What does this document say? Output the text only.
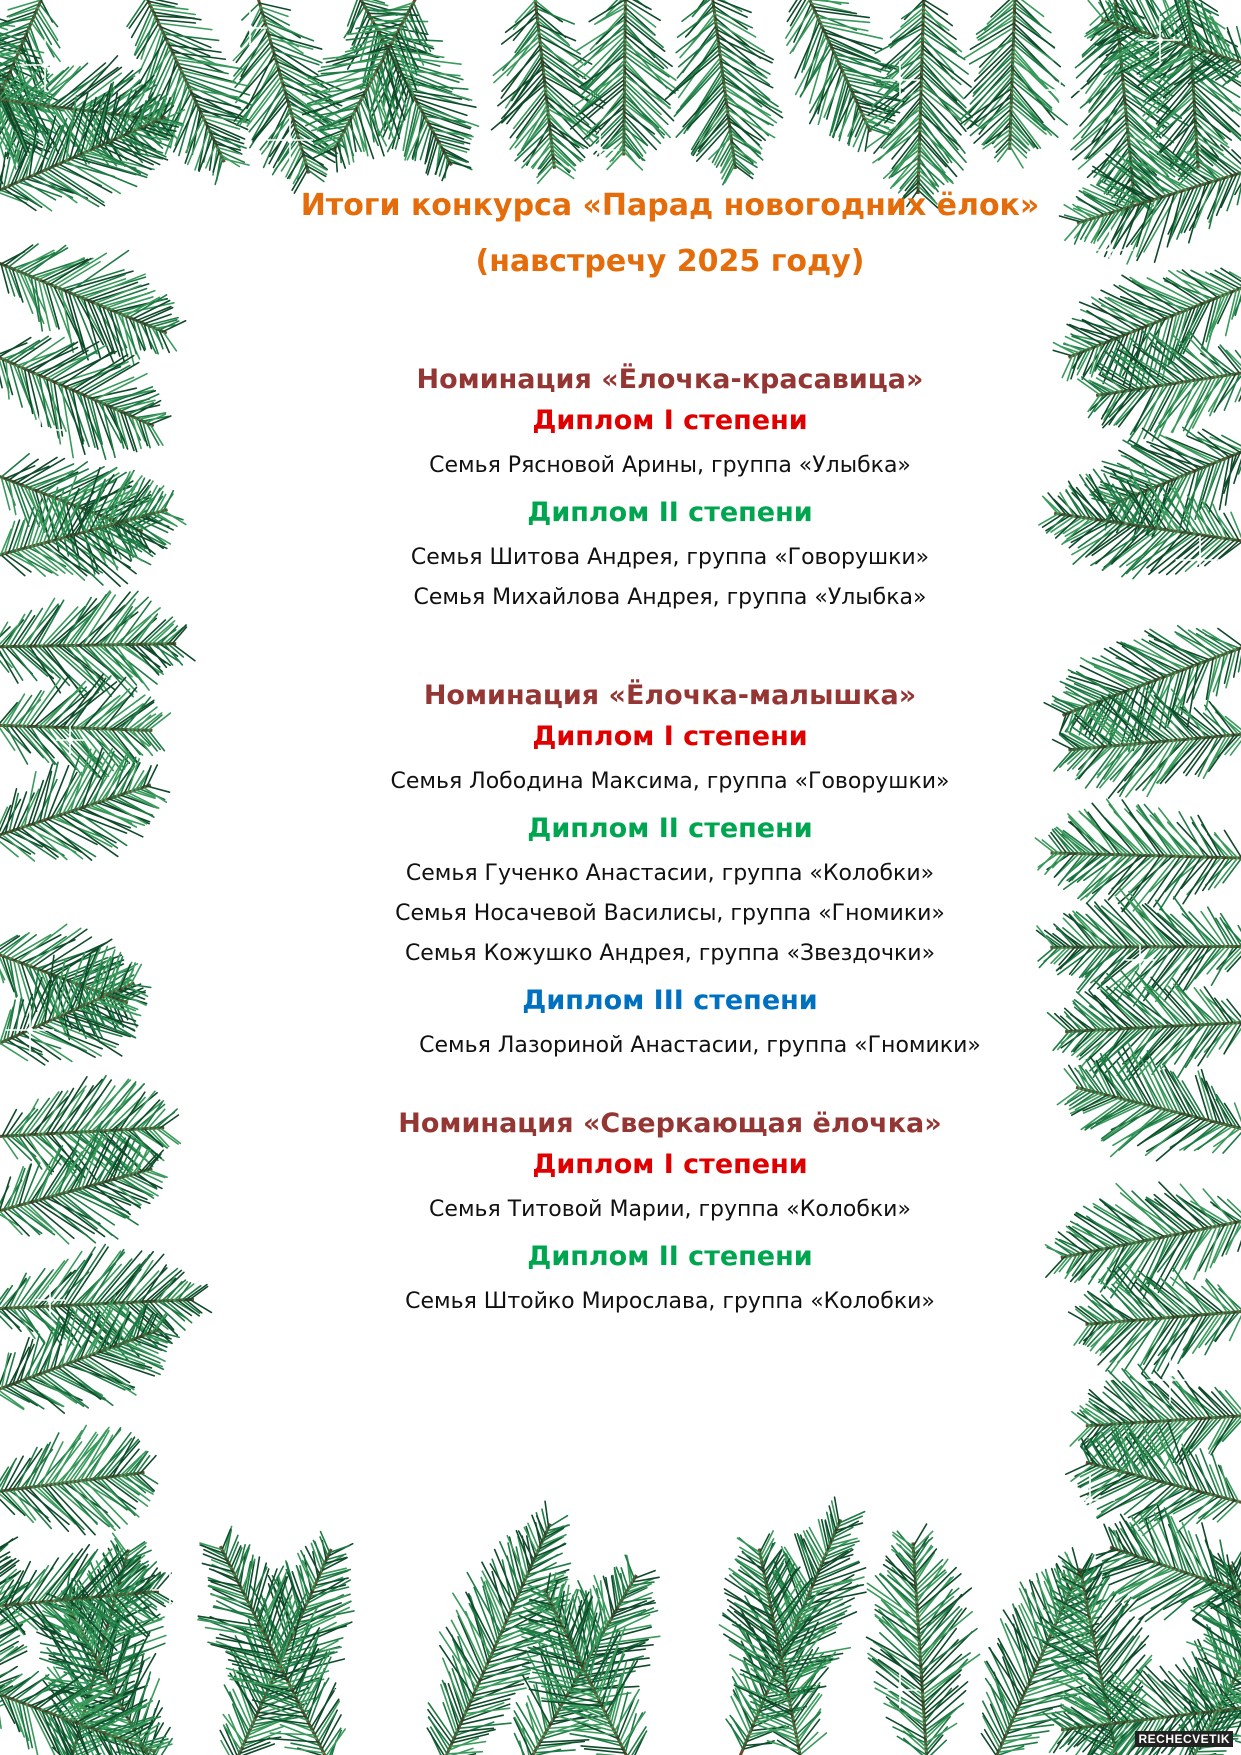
Итоги конкурса «Парад новогодних ёлок»

(навстречу 2025 году)

Номинация «Ёлочка-красавица»

Диплом I степени

Семья Рясновой Арины, группа «Улыбка»

Диплом II степени

Семья Шитова Андрея, группа «Говорушки»

Семья Михайлова Андрея, группа «Улыбка»

Номинация «Ёлочка-малышка»

Диплом I степени

Семья Лободина Максима, группа «Говорушки»

Диплом II степени

Семья Гученко Анастасии, группа «Колобки»

Семья Носачевой Василисы, группа «Гномики»

Семья Кожушко Андрея, группа «Звездочки»

Диплом III степени

Семья Лазориной Анастасии, группа «Гномики»

Номинация «Сверкающая ёлочка»

Диплом I степени

Семья Титовой Марии, группа «Колобки»

Диплом II степени

Семья Штойко Мирослава, группа «Колобки»

RECHECVETIK
